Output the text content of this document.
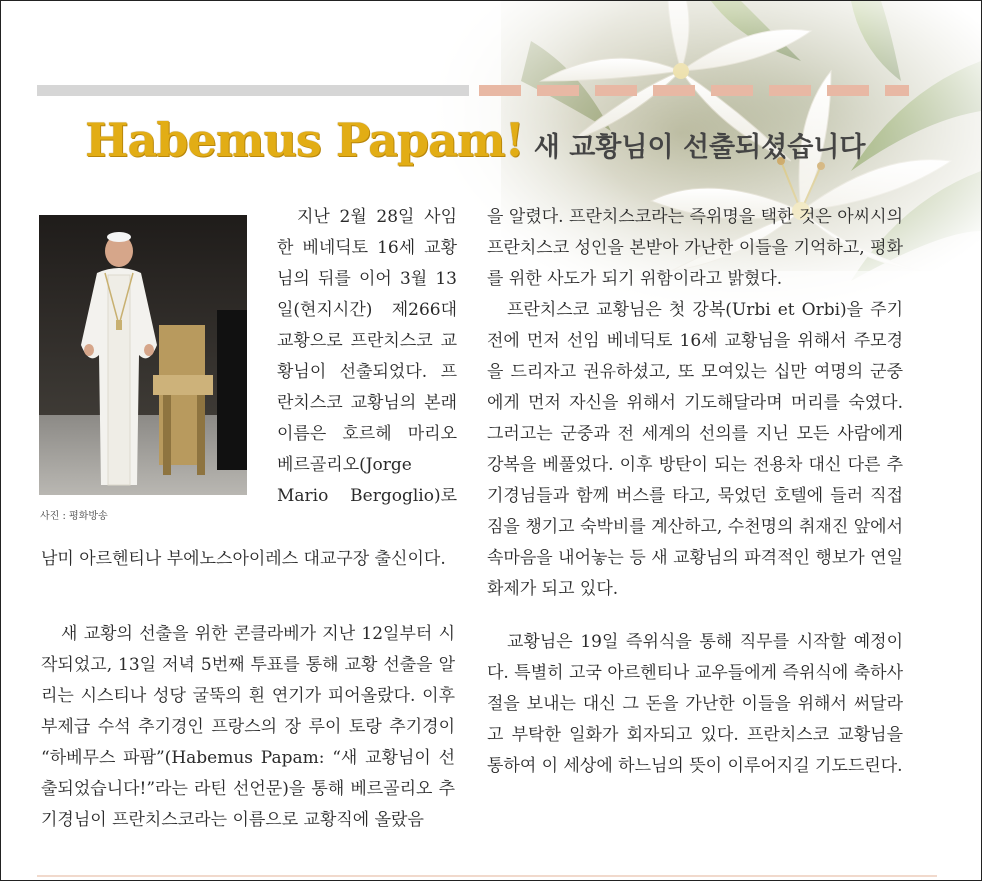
Habemus Papam! 새 교황님이 선출되셨습니다
사진 : 평화방송

지난 2월 28일 사임한 베네딕토 16세 교황님의 뒤를 이어 3월 13일(현지시간) 제266대 교황으로 프란치스코 교황님이 선출되었다. 프란치스코 교황님의 본래 이름은 호르헤 마리오 베르골리오(Jorge Mario Bergoglio)로

남미 아르헨티나 부에노스아이레스 대교구장 출신이다.

새 교황의 선출을 위한 콘클라베가 지난 12일부터 시작되었고, 13일 저녁 5번째 투표를 통해 교황 선출을 알리는 시스티나 성당 굴뚝의 흰 연기가 피어올랐다. 이후 부제급 수석 추기경인 프랑스의 장 루이 토랑 추기경이 “하베무스 파팜”(Habemus Papam: “새 교황님이 선출되었습니다!”라는 라틴 선언문)을 통해 베르골리오 추기경님이 프란치스코라는 이름으로 교황직에 올랐음

을 알렸다. 프란치스코라는 즉위명을 택한 것은 아씨시의 프란치스코 성인을 본받아 가난한 이들을 기억하고, 평화를 위한 사도가 되기 위함이라고 밝혔다.

프란치스코 교황님은 첫 강복(Urbi et Orbi)을 주기 전에 먼저 선임 베네딕토 16세 교황님을 위해서 주모경을 드리자고 권유하셨고, 또 모여있는 십만 여명의 군중에게 먼저 자신을 위해서 기도해달라며 머리를 숙였다. 그러고는 군중과 전 세계의 선의를 지닌 모든 사람에게 강복을 베풀었다. 이후 방탄이 되는 전용차 대신 다른 추기경님들과 함께 버스를 타고, 묵었던 호텔에 들러 직접 짐을 챙기고 숙박비를 계산하고, 수천명의 취재진 앞에서 속마음을 내어놓는 등 새 교황님의 파격적인 행보가 연일 화제가 되고 있다.

교황님은 19일 즉위식을 통해 직무를 시작할 예정이다. 특별히 고국 아르헨티나 교우들에게 즉위식에 축하사절을 보내는 대신 그 돈을 가난한 이들을 위해서 써달라고 부탁한 일화가 회자되고 있다. 프란치스코 교황님을 통하여 이 세상에 하느님의 뜻이 이루어지길 기도드린다.
